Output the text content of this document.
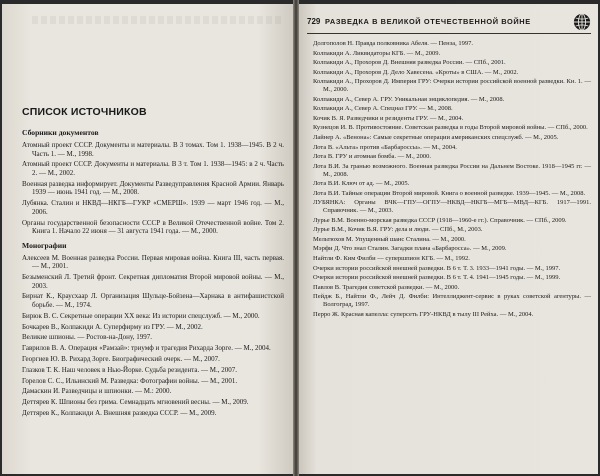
СПИСОК ИСТОЧНИКОВ
Сборники документов
Атомный проект СССР. Документы и материалы. В 3 томах. Том 1. 1938—1945. В 2 ч. Часть 1. — М., 1998.
Атомный проект СССР. Документы и материалы. В 3 т. Том 1. 1938—1945: в 2 ч. Часть 2. — М., 2002.
Военная разведка информирует. Документы Разведуправления Красной Армии. Январь 1939 — июнь 1941 год. — М., 2008.
Лубянка. Сталин и НКВД—НКГБ—ГУКР «СМЕРШ». 1939 — март 1946 год. — М., 2006.
Органы государственной безопасности СССР в Великой Отечественной войне. Том 2. Книга 1. Начало 22 июня — 31 августа 1941 года. — М., 2000.
Монографии
Алексеев М. Военная разведка России. Первая мировая война. Книга III, часть первая. — М., 2001.
Безыменский Л. Третий фронт. Секретная дипломатия Второй мировой войны. — М., 2003.
Бирнат К., Краусхаар Л. Организация Шульце-Бойзена—Харнака в антифашистской борьбе. — М., 1974.
Бирюк В. С. Секретные операции XX века: Из истории спецслужб. — М., 2000.
Бочкарев В., Колпакиди А. Суперфирму из ГРУ. — М., 2002.
Великие шпионы. — Ростов-на-Дону, 1997.
Гаврилов В. А. Операция «Рамзай»: триумф и трагедия Рихарда Зорге. — М., 2004.
Георгиев Ю. В. Рихард Зорге. Биографический очерк. — М., 2007.
Глазков Т. К. Наш человек в Нью-Йорке. Судьба резидента. — М., 2007.
Горелов С. С., Ильинский М. Разведка: Фотографии войны. — М., 2001.
Дамаскин И. Разведчицы и шпионки. — М.: 2000.
Деттярев К. Шпионы без грима. Семнадцать мгновений весны. — М., 2009.
Деттярев К., Колпакиди А. Внешняя разведка СССР. — М., 2009.
729 РАЗВЕДКА В ВЕЛИКОЙ ОТЕЧЕСТВЕННОЙ ВОЙНЕ
Долгополов Н. Правда полковника Абеля. — Пенза, 1997.
Колпакиди А. Ликвидаторы КГБ. — М., 2009.
Колпакиди А., Прохоров Д. Внешняя разведка России. — СПб., 2001.
Колпакиди А., Прохоров Д. Дело Хавесена. «Кроты» в США. — М., 2002.
Колпакиди А., Прохоров Д. Империя ГРУ: Очерки истории российской военной разведки. Кн. 1. — М., 2000.
Колпакиди А., Север А. ГРУ. Уникальная энциклопедия. — М., 2008.
Колпакиди А., Север А. Спецназ ГРУ. — М., 2008.
Кочик В. Я. Разведчики и резиденты ГРУ. — М., 2004.
Кузнецов И. В. Противостояние. Советская разведка в годы Второй мировой войны. — СПб., 2000.
Лайнер А. «Венона»: Самые секретные операции американских спецслужб. — М., 2005.
Лота В. «Альта» против «Барбароссы». — М., 2004.
Лота В. ГРУ и атомная бомба. — М., 2000.
Лота В.И. За гранью возможного. Военная разведка России на Дальнем Востоке. 1918—1945 гг. — М., 2008.
Лота В.И. Ключ от ад. — М., 2005.
Лота В.И. Тайные операции Второй мировой. Книга о военной разведке. 1939—1945. — М., 2008.
ЛУБЯНКА: Органы ВЧК—ГПУ—ОГПУ—НКВД—НКГБ—МГБ—МВД—КГБ. 1917—1991. Справочник. — М., 2003.
Лурье В.М. Военно-морская разведка СССР (1918—1960-е гг.). Справочник. — СПб., 2009.
Лурье В.М., Кочик В.Я. ГРУ: дела и люди. — СПб., М., 2003.
Мельтюхов М. Упущенный шанс Сталина. — М., 2000.
Мэрфи Д. Что знал Сталин. Загадки плана «Барбаросса». — М., 2009.
Найтли Ф. Ким Филби — супершпион КГБ. — М., 1992.
Очерки истории российской внешней разведки. В 6 т. Т. 3. 1933—1941 годы. — М., 1997.
Очерки истории российской внешней разведки. В 6 т. Т. 4. 1941—1945 годы. — М., 1999.
Павлов В. Трагедия советской разведки. — М., 2000.
Пейдж Б., Найтли Ф., Лейч Д. Филби: Интеллиджент-сервис в руках советской агентуры. — Волгоград, 1997.
Перро Ж. Красная капелла: суперсеть ГРУ-НКВД в тылу III Рейха. — М., 2004.
